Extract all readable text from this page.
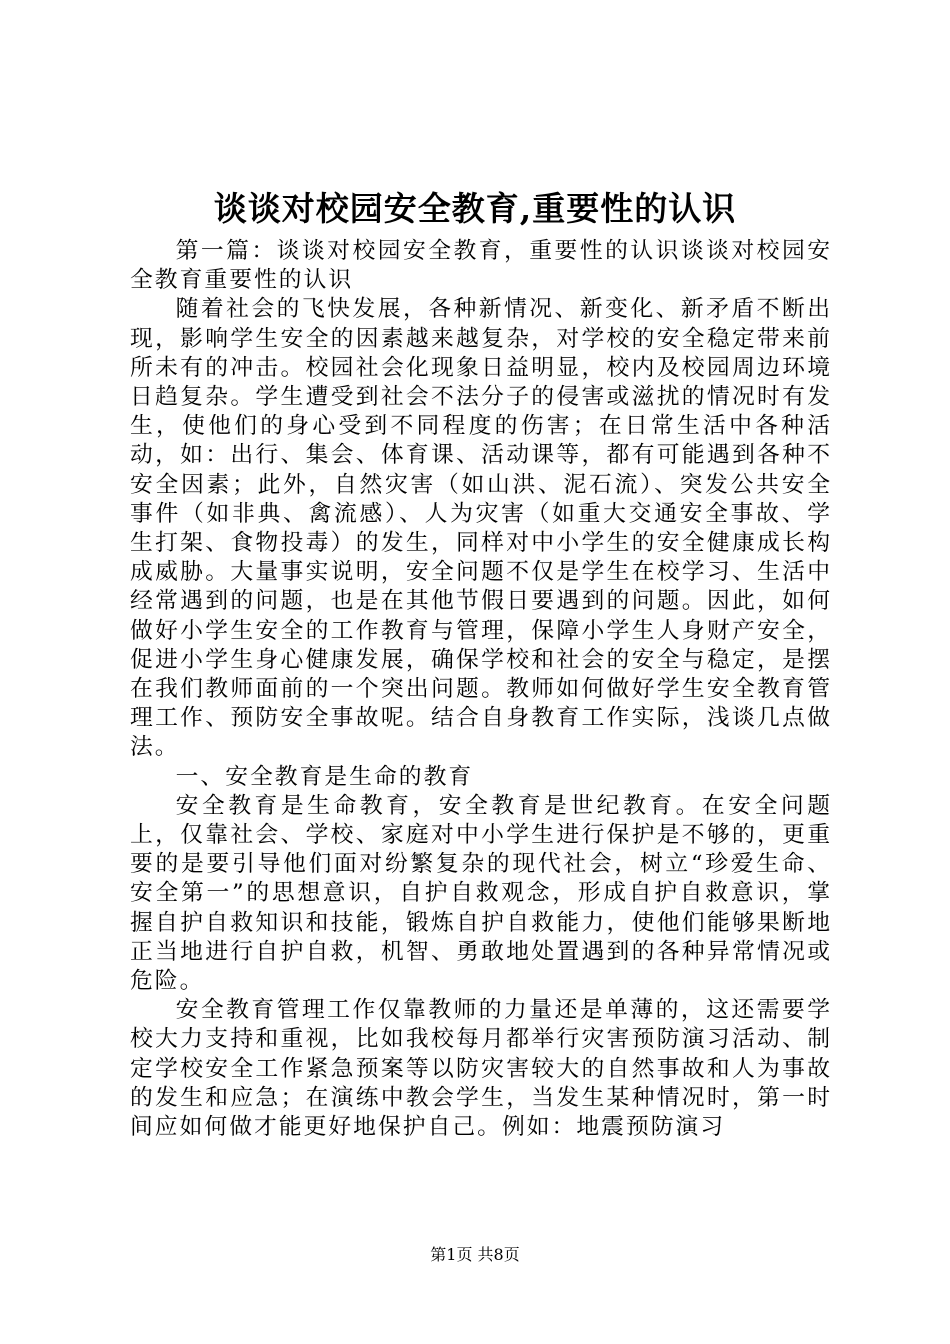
谈谈对校园安全教育,重要性的认识

第一篇：谈谈对校园安全教育，重要性的认识谈谈对校园安全教育重要性的认识

随着社会的飞快发展，各种新情况、新变化、新矛盾不断出现，影响学生安全的因素越来越复杂，对学校的安全稳定带来前所未有的冲击。校园社会化现象日益明显，校内及校园周边环境日趋复杂。学生遭受到社会不法分子的侵害或滋扰的情况时有发生，使他们的身心受到不同程度的伤害；在日常生活中各种活动，如：出行、集会、体育课、活动课等，都有可能遇到各种不安全因素；此外，自然灾害（如山洪、泥石流）、突发公共安全事件（如非典、禽流感）、人为灾害（如重大交通安全事故、学生打架、食物投毒）的发生，同样对中小学生的安全健康成长构成威胁。大量事实说明，安全问题不仅是学生在校学习、生活中经常遇到的问题，也是在其他节假日要遇到的问题。因此，如何做好小学生安全的工作教育与管理，保障小学生人身财产安全，促进小学生身心健康发展，确保学校和社会的安全与稳定，是摆在我们教师面前的一个突出问题。教师如何做好学生安全教育管理工作、预防安全事故呢。结合自身教育工作实际，浅谈几点做法。

一、安全教育是生命的教育

安全教育是生命教育，安全教育是世纪教育。在安全问题上，仅靠社会、学校、家庭对中小学生进行保护是不够的，更重要的是要引导他们面对纷繁复杂的现代社会，树立“珍爱生命、安全第一”的思想意识，自护自救观念，形成自护自救意识，掌握自护自救知识和技能，锻炼自护自救能力，使他们能够果断地正当地进行自护自救，机智、勇敢地处置遇到的各种异常情况或危险。

安全教育管理工作仅靠教师的力量还是单薄的，这还需要学校大力支持和重视，比如我校每月都举行灾害预防演习活动、制定学校安全工作紧急预案等以防灾害较大的自然事故和人为事故的发生和应急；在演练中教会学生，当发生某种情况时，第一时间应如何做才能更好地保护自己。例如：地震预防演习

第1页 共8页
